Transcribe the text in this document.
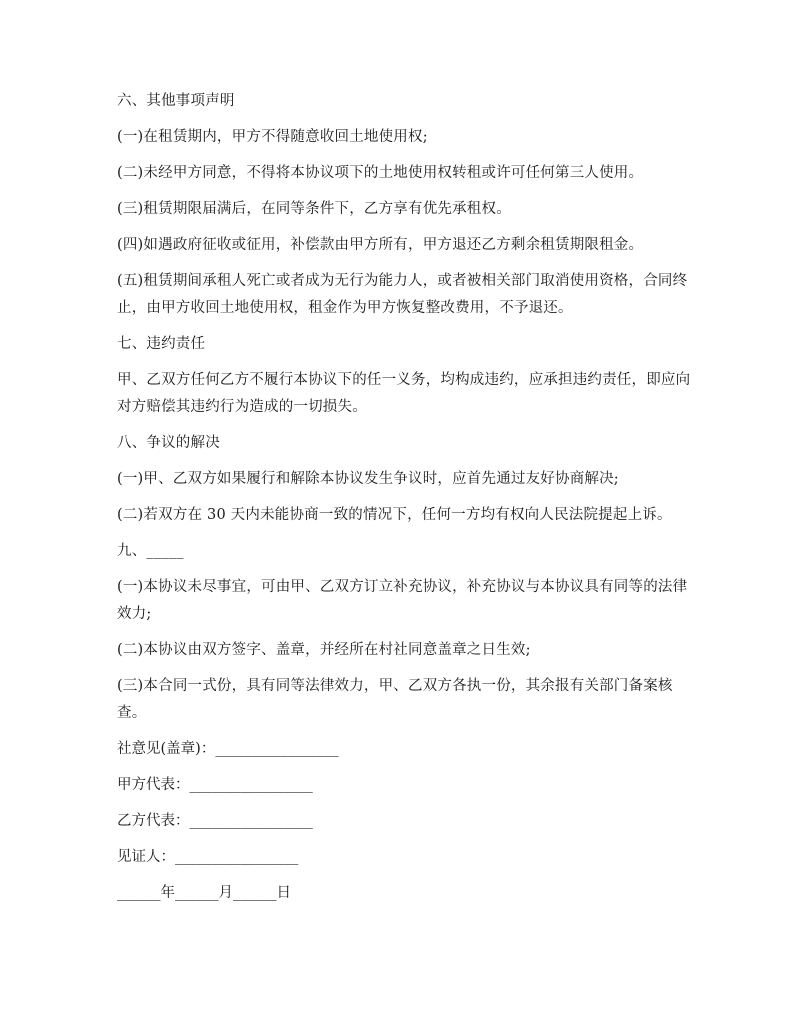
六、其他事项声明

(一)在租赁期内，甲方不得随意收回土地使用权;

(二)未经甲方同意，不得将本协议项下的土地使用权转租或许可任何第三人使用。

(三)租赁期限届满后，在同等条件下，乙方享有优先承租权。

(四)如遇政府征收或征用，补偿款由甲方所有，甲方退还乙方剩余租赁期限租金。

(五)租赁期间承租人死亡或者成为无行为能力人，或者被相关部门取消使用资格，合同终止，由甲方收回土地使用权，租金作为甲方恢复整改费用，不予退还。

七、违约责任

甲、乙双方任何乙方不履行本协议下的任一义务，均构成违约，应承担违约责任，即应向对方赔偿其违约行为造成的一切损失。

八、争议的解决

(一)甲、乙双方如果履行和解除本协议发生争议时，应首先通过友好协商解决;

(二)若双方在 30 天内未能协商一致的情况下，任何一方均有权向人民法院提起上诉。

九、_____

(一)本协议未尽事宜，可由甲、乙双方订立补充协议，补充协议与本协议具有同等的法律效力;

(二)本协议由双方签字、盖章，并经所在村社同意盖章之日生效;

(三)本合同一式份，具有同等法律效力，甲、乙双方各执一份，其余报有关部门备案核查。

社意见(盖章)：_________________

甲方代表：_________________

乙方代表：_________________

见证人：_________________

______年______月______日
